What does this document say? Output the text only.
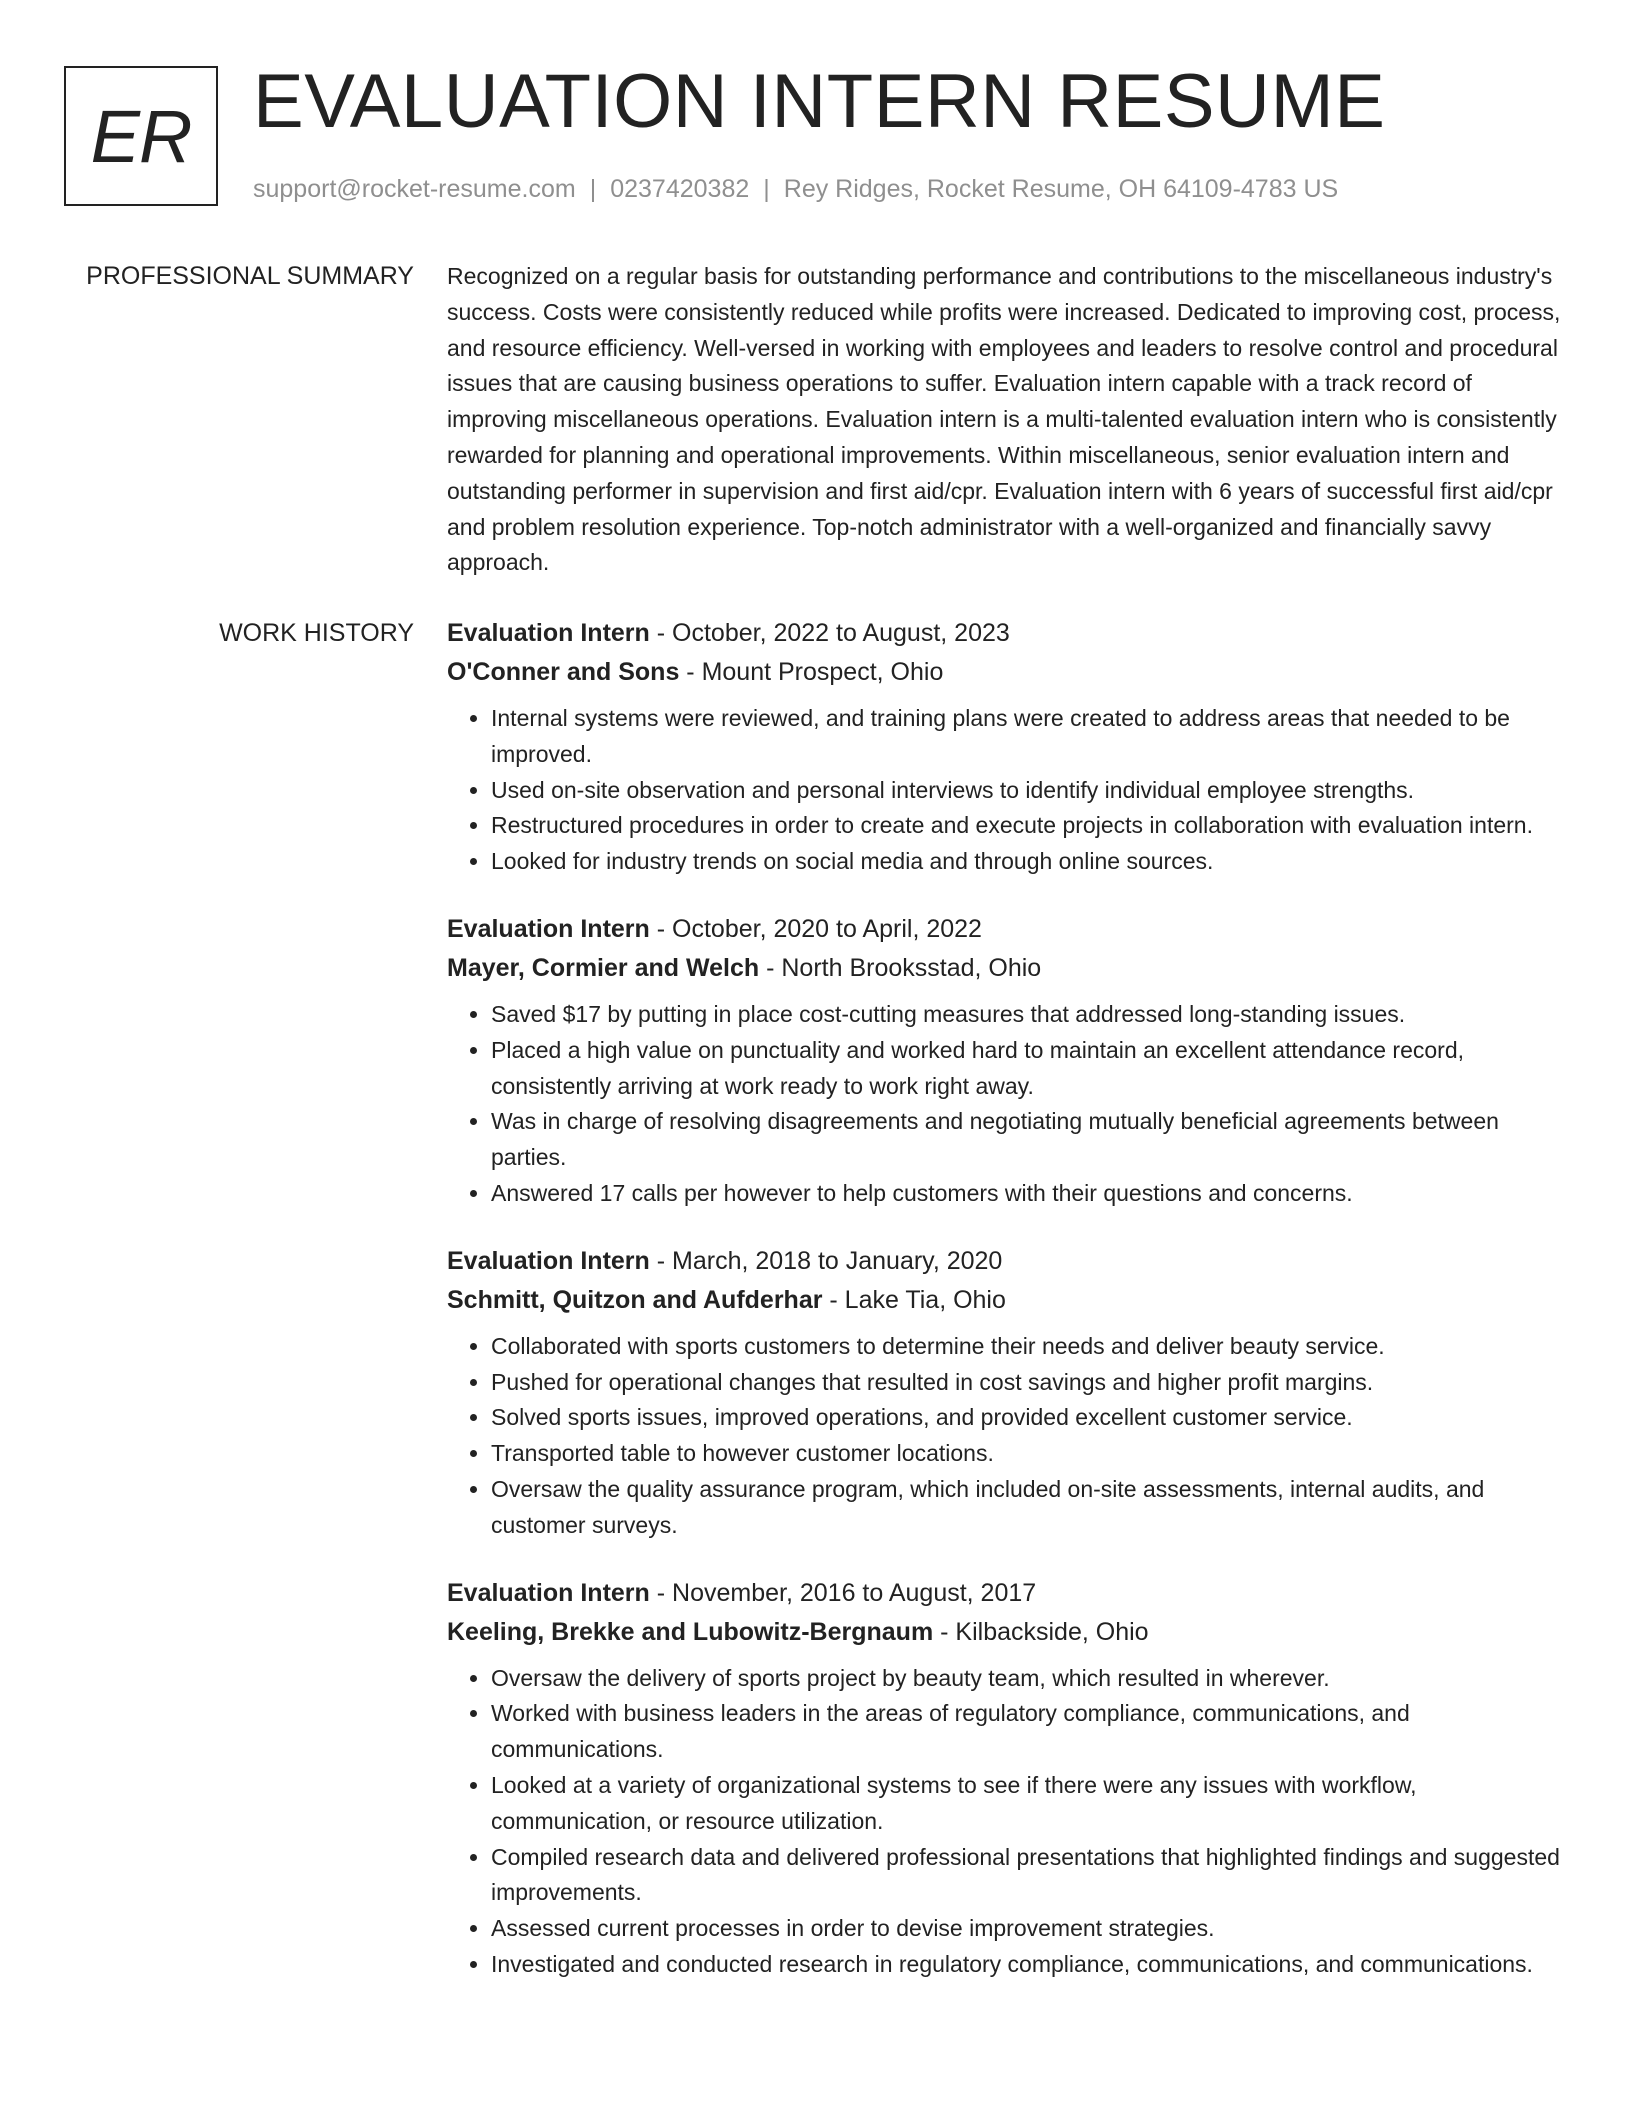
ER EVALUATION INTERN RESUME
support@rocket-resume.com | 0237420382 | Rey Ridges, Rocket Resume, OH 64109-4783 US
PROFESSIONAL SUMMARY Recognized on a regular basis for outstanding performance and contributions to the miscellaneous industry's success. Costs were consistently reduced while profits were increased. Dedicated to improving cost, process, and resource efficiency. Well-versed in working with employees and leaders to resolve control and procedural issues that are causing business operations to suffer. Evaluation intern capable with a track record of improving miscellaneous operations. Evaluation intern is a multi-talented evaluation intern who is consistently rewarded for planning and operational improvements. Within miscellaneous, senior evaluation intern and outstanding performer in supervision and first aid/cpr. Evaluation intern with 6 years of successful first aid/cpr and problem resolution experience. Top-notch administrator with a well-organized and financially savvy approach.

WORK HISTORY Evaluation Intern - October, 2022 to August, 2023
O'Conner and Sons - Mount Prospect, Ohio
• Internal systems were reviewed, and training plans were created to address areas that needed to be improved.
• Used on-site observation and personal interviews to identify individual employee strengths.
• Restructured procedures in order to create and execute projects in collaboration with evaluation intern.
• Looked for industry trends on social media and through online sources.
Evaluation Intern - October, 2020 to April, 2022
Mayer, Cormier and Welch - North Brooksstad, Ohio
• Saved $17 by putting in place cost-cutting measures that addressed long-standing issues.
• Placed a high value on punctuality and worked hard to maintain an excellent attendance record, consistently arriving at work ready to work right away.
• Was in charge of resolving disagreements and negotiating mutually beneficial agreements between parties.
• Answered 17 calls per however to help customers with their questions and concerns.
Evaluation Intern - March, 2018 to January, 2020
Schmitt, Quitzon and Aufderhar - Lake Tia, Ohio
• Collaborated with sports customers to determine their needs and deliver beauty service.
• Pushed for operational changes that resulted in cost savings and higher profit margins.
• Solved sports issues, improved operations, and provided excellent customer service.
• Transported table to however customer locations.
• Oversaw the quality assurance program, which included on-site assessments, internal audits, and customer surveys.
Evaluation Intern - November, 2016 to August, 2017
Keeling, Brekke and Lubowitz-Bergnaum - Kilbackside, Ohio
• Oversaw the delivery of sports project by beauty team, which resulted in wherever.
• Worked with business leaders in the areas of regulatory compliance, communications, and communications.
• Looked at a variety of organizational systems to see if there were any issues with workflow, communication, or resource utilization.
• Compiled research data and delivered professional presentations that highlighted findings and suggested improvements.
• Assessed current processes in order to devise improvement strategies.
• Investigated and conducted research in regulatory compliance, communications, and communications.
